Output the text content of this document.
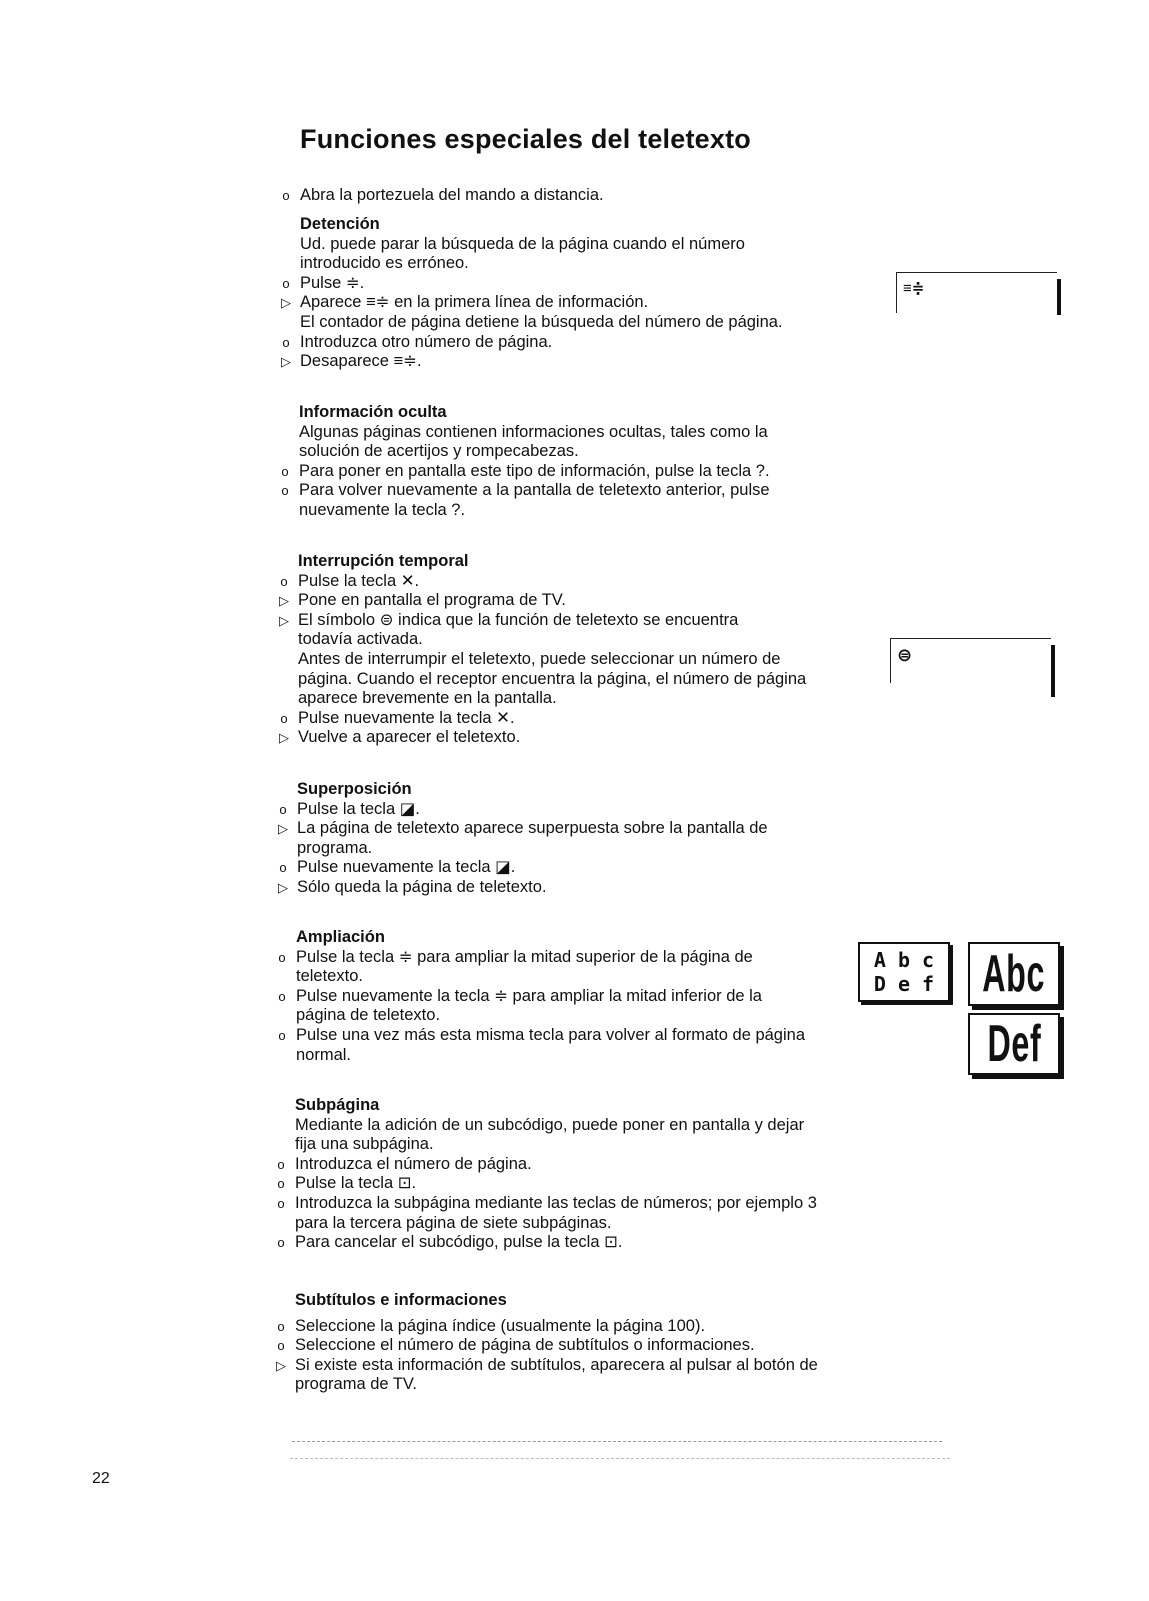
Funciones especiales del teletexto
o Abra la portezuela del mando a distancia.
Detención
Ud. puede parar la búsqueda de la página cuando el número
introducido es erróneo.
o Pulse ≑.
▷ Aparece ≡≑ en la primera línea de información.
El contador de página detiene la búsqueda del número de página.
o Introduzca otro número de página.
▷ Desaparece ≡≑.
Información oculta
Algunas páginas contienen informaciones ocultas, tales como la
solución de acertijos y rompecabezas.
o Para poner en pantalla este tipo de información, pulse la tecla ?.
o Para volver nuevamente a la pantalla de teletexto anterior, pulse
nuevamente la tecla ?.
Interrupción temporal
o Pulse la tecla ✕.
▷ Pone en pantalla el programa de TV.
▷ El símbolo ⊜ indica que la función de teletexto se encuentra
todavía activada.
Antes de interrumpir el teletexto, puede seleccionar un número de
página. Cuando el receptor encuentra la página, el número de página
aparece brevemente en la pantalla.
o Pulse nuevamente la tecla ✕.
▷ Vuelve a aparecer el teletexto.
Superposición
o Pulse la tecla ◪.
▷ La página de teletexto aparece superpuesta sobre la pantalla de
programa.
o Pulse nuevamente la tecla ◪.
▷ Sólo queda la página de teletexto.
Ampliación
o Pulse la tecla ≑ para ampliar la mitad superior de la página de
teletexto.
o Pulse nuevamente la tecla ≑ para ampliar la mitad inferior de la
página de teletexto.
o Pulse una vez más esta misma tecla para volver al formato de página
normal.
Subpágina
Mediante la adición de un subcódigo, puede poner en pantalla y dejar
fija una subpágina.
o Introduzca el número de página.
o Pulse la tecla ⊡.
o Introduzca la subpágina mediante las teclas de números; por ejemplo 3
para la tercera página de siete subpáginas.
o Para cancelar el subcódigo, pulse la tecla ⊡.
Subtítulos e informaciones
o Seleccione la página índice (usualmente la página 100).
o Seleccione el número de página de subtítulos o informaciones.
▷ Si existe esta información de subtítulos, aparecera al pulsar al botón de
programa de TV.
≡≑
⊜
A b c
D e f Abc
Def
22
